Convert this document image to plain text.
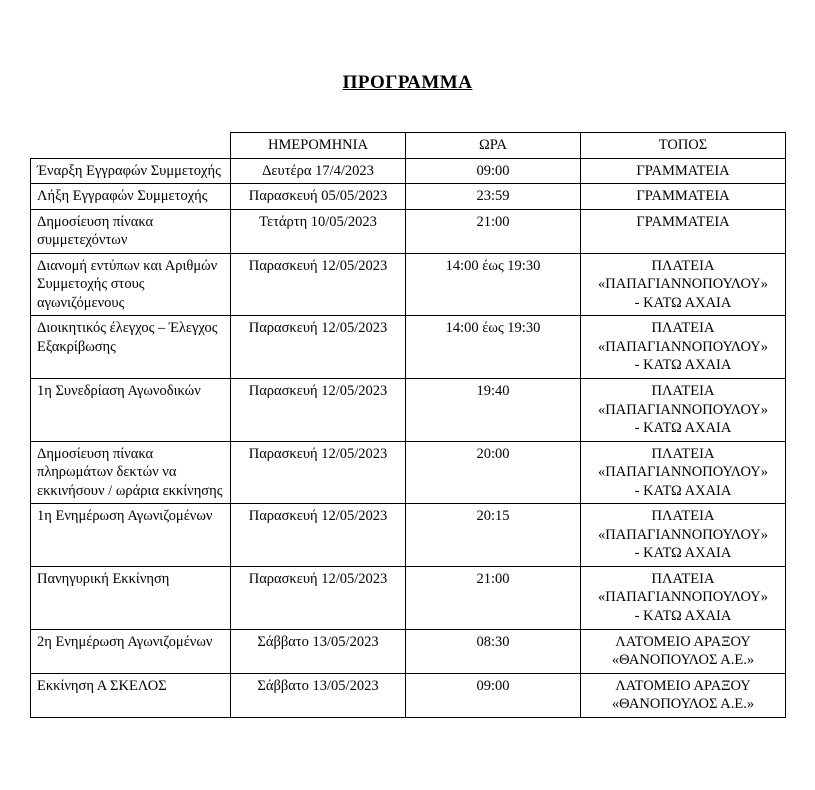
ΠΡΟΓΡΑΜΜΑ
	ΗΜΕΡΟΜΗΝΙΑ	ΩΡΑ	ΤΟΠΟΣ
Έναρξη Εγγραφών Συμμετοχής	Δευτέρα 17/4/2023	09:00	ΓΡΑΜΜΑΤΕΙΑ

Λήξη Εγγραφών Συμμετοχής	Παρασκευή 05/05/2023	23:59	ΓΡΑΜΜΑΤΕΙΑ

Δημοσίευση πίνακα συμμετεχόντων	Τετάρτη 10/05/2023	21:00	ΓΡΑΜΜΑΤΕΙΑ

Διανομή εντύπων και Αριθμών Συμμετοχής στους αγωνιζόμενους	Παρασκευή 12/05/2023	14:00 έως 19:30	ΠΛΑΤΕΙΑ
«ΠΑΠΑΓΙΑΝΝΟΠΟΥΛΟΥ»
- ΚΑΤΩ ΑΧΑΙΑ

Διοικητικός έλεγχος – Έλεγχος Εξακρίβωσης	Παρασκευή 12/05/2023	14:00 έως 19:30	ΠΛΑΤΕΙΑ
«ΠΑΠΑΓΙΑΝΝΟΠΟΥΛΟΥ»
- ΚΑΤΩ ΑΧΑΙΑ

1η Συνεδρίαση Αγωνοδικών	Παρασκευή 12/05/2023	19:40	ΠΛΑΤΕΙΑ
«ΠΑΠΑΓΙΑΝΝΟΠΟΥΛΟΥ»
- ΚΑΤΩ ΑΧΑΙΑ

Δημοσίευση πίνακα πληρωμάτων δεκτών να εκκινήσουν / ωράρια εκκίνησης	Παρασκευή 12/05/2023	20:00	ΠΛΑΤΕΙΑ
«ΠΑΠΑΓΙΑΝΝΟΠΟΥΛΟΥ»
- ΚΑΤΩ ΑΧΑΙΑ

1η Ενημέρωση Αγωνιζομένων	Παρασκευή 12/05/2023	20:15	ΠΛΑΤΕΙΑ
«ΠΑΠΑΓΙΑΝΝΟΠΟΥΛΟΥ»
- ΚΑΤΩ ΑΧΑΙΑ

Πανηγυρική Εκκίνηση	Παρασκευή 12/05/2023	21:00	ΠΛΑΤΕΙΑ
«ΠΑΠΑΓΙΑΝΝΟΠΟΥΛΟΥ»
- ΚΑΤΩ ΑΧΑΙΑ

2η Ενημέρωση Αγωνιζομένων	Σάββατο 13/05/2023	08:30	ΛΑΤΟΜΕΙΟ ΑΡΑΞΟΥ
«ΘΑΝΟΠΟΥΛΟΣ Α.Ε.»

Εκκίνηση Α ΣΚΕΛΟΣ	Σάββατο 13/05/2023	09:00	ΛΑΤΟΜΕΙΟ ΑΡΑΞΟΥ
«ΘΑΝΟΠΟΥΛΟΣ Α.Ε.»
